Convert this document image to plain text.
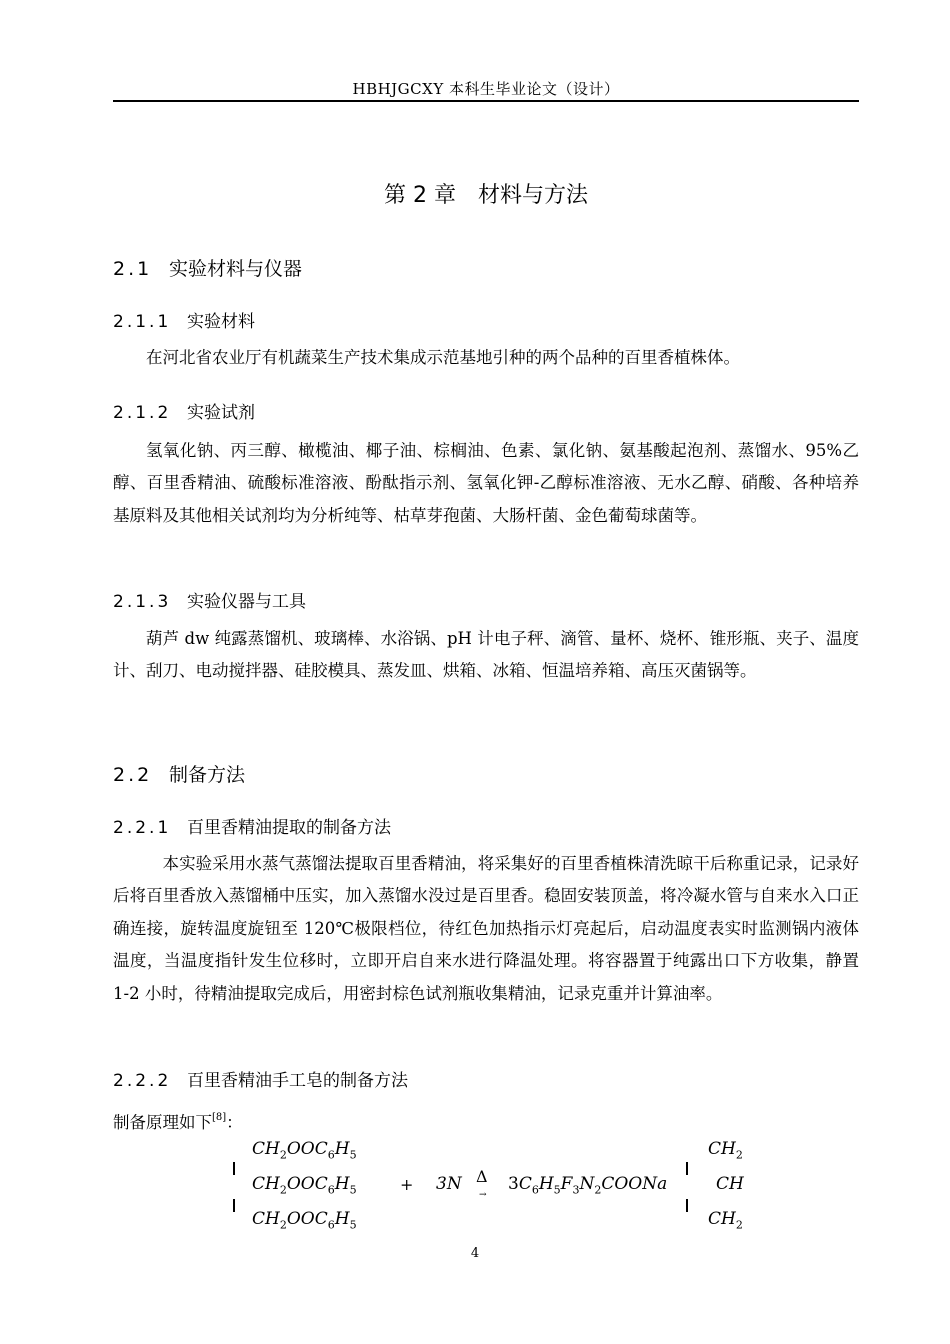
HBHJGCXY 本科生毕业论文（设计）
第 2 章　材料与方法
2.1 实验材料与仪器
2.1.1 实验材料
在河北省农业厅有机蔬菜生产技术集成示范基地引种的两个品种的百里香植株体。
2.1.2 实验试剂
氢氧化钠、丙三醇、橄榄油、椰子油、棕榈油、色素、氯化钠、氨基酸起泡剂、蒸馏水、95%乙醇、百里香精油、硫酸标准溶液、酚酞指示剂、氢氧化钾-乙醇标准溶液、无水乙醇、硝酸、各种培养基原料及其他相关试剂均为分析纯等、枯草芽孢菌、大肠杆菌、金色葡萄球菌等。
2.1.3 实验仪器与工具
葫芦 dw 纯露蒸馏机、玻璃棒、水浴锅、pH 计电子秤、滴管、量杯、烧杯、锥形瓶、夹子、温度计、刮刀、电动搅拌器、硅胶模具、蒸发皿、烘箱、冰箱、恒温培养箱、高压灭菌锅等。
2.2 制备方法
2.2.1 百里香精油提取的制备方法
本实验采用水蒸气蒸馏法提取百里香精油，将采集好的百里香植株清洗晾干后称重记录，记录好后将百里香放入蒸馏桶中压实，加入蒸馏水没过是百里香。稳固安装顶盖，将冷凝水管与自来水入口正确连接，旋转温度旋钮至 120℃极限档位，待红色加热指示灯亮起后，启动温度表实时监测锅内液体温度，当温度指针发生位移时，立即开启自来水进行降温处理。将容器置于纯露出口下方收集，静置 1-2 小时，待精油提取完成后，用密封棕色试剂瓶收集精油，记录克重并计算油率。
2.2.2 百里香精油手工皂的制备方法
制备原理如下[8]：
$CH_2OOC_6H_5$
$CH_2OOC_6H_5$
$CH_2OOC_6H_5$
+ 3N Δ
→
$3C_6H_5F_3N_2COONa$
$CH_2$
CH
$CH_2$
4
